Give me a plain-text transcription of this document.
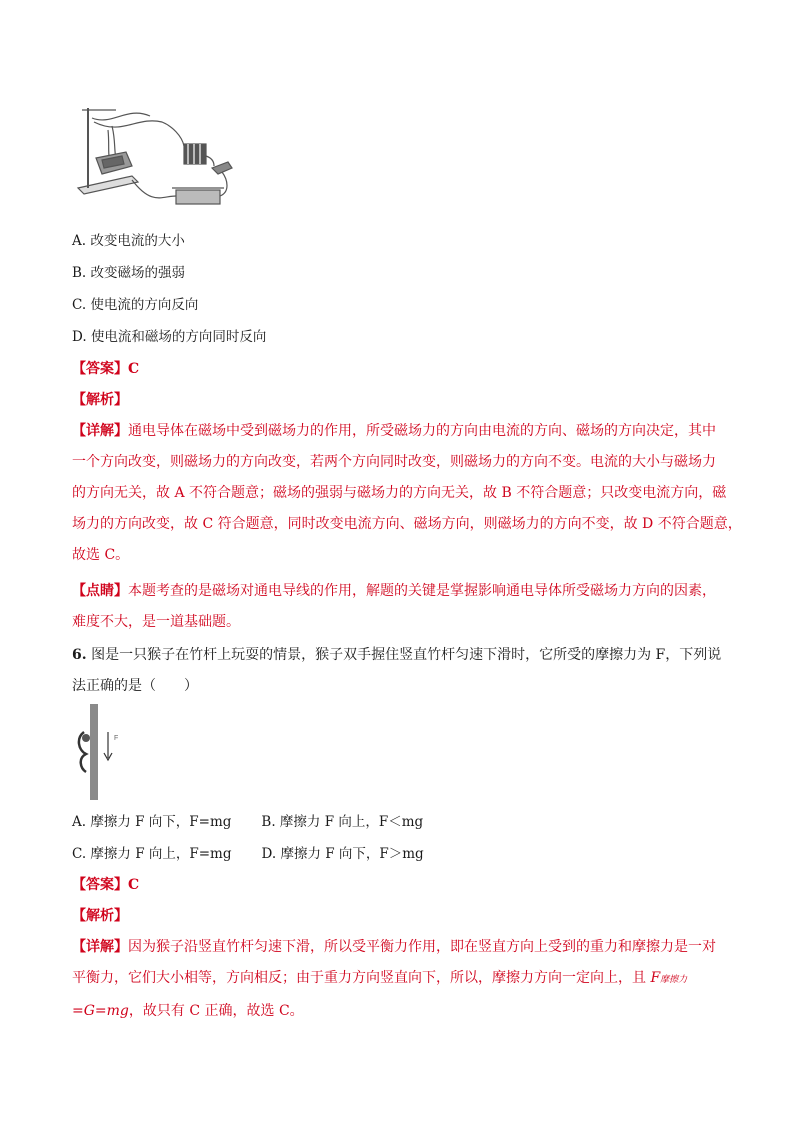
A. 改变电流的大小
B. 改变磁场的强弱
C. 使电流的方向反向
D. 使电流和磁场的方向同时反向
【答案】C
【解析】
【详解】通电导体在磁场中受到磁场力的作用，所受磁场力的方向由电流的方向、磁场的方向决定，其中
一个方向改变，则磁场力的方向改变，若两个方向同时改变，则磁场力的方向不变。电流的大小与磁场力
的方向无关，故 A 不符合题意；磁场的强弱与磁场力的方向无关，故 B 不符合题意；只改变电流方向，磁
场力的方向改变，故 C 符合题意，同时改变电流方向、磁场方向，则磁场力的方向不变，故 D 不符合题意，
故选 C。
【点睛】本题考查的是磁场对通电导线的作用，解题的关键是掌握影响通电导体所受磁场力方向的因素，
难度不大，是一道基础题。
6. 图是一只猴子在竹杆上玩耍的情景，猴子双手握住竖直竹杆匀速下滑时，它所受的摩擦力为 F，下列说
法正确的是（　　）
F
A. 摩擦力 F 向下，F=mg B. 摩擦力 F 向上，F＜mg
C. 摩擦力 F 向上，F=mg D. 摩擦力 F 向下，F＞mg
【答案】C
【解析】
【详解】因为猴子沿竖直竹杆匀速下滑，所以受平衡力作用，即在竖直方向上受到的重力和摩擦力是一对
平衡力，它们大小相等，方向相反；由于重力方向竖直向下，所以，摩擦力方向一定向上，且 F摩擦力
=G=mg，故只有 C 正确，故选 C。
